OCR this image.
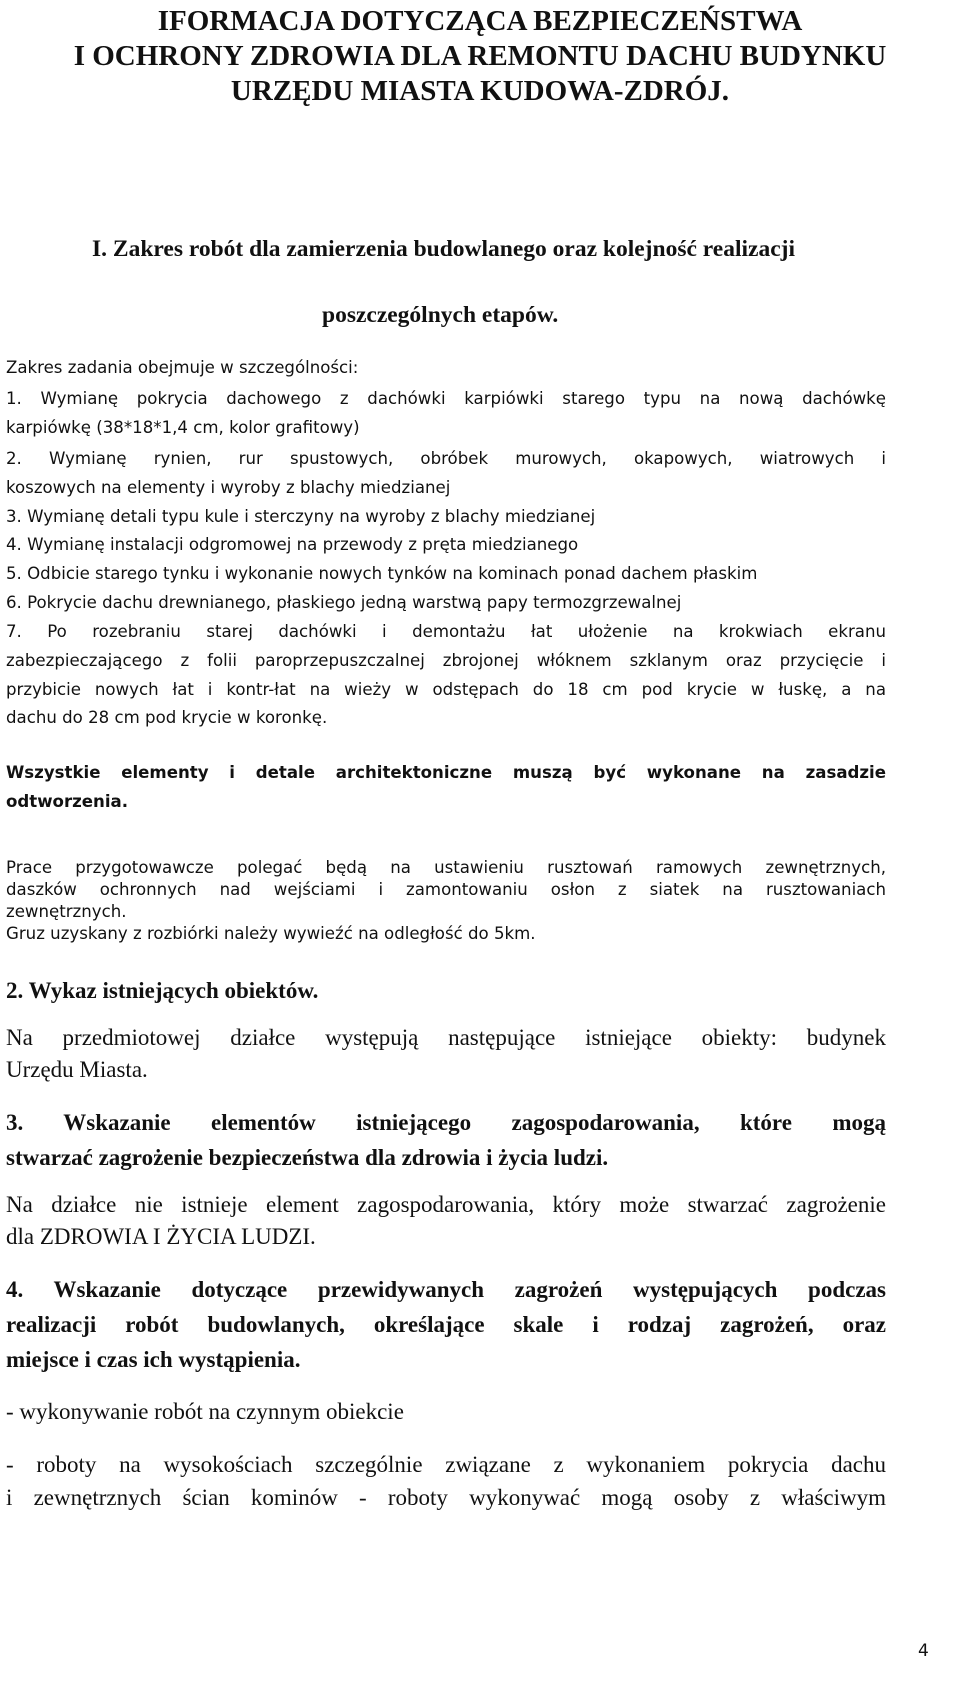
IFORMACJA DOTYCZĄCA BEZPIECZEŃSTWA
I OCHRONY ZDROWIA DLA REMONTU DACHU BUDYNKU
URZĘDU MIASTA KUDOWA-ZDRÓJ.
I. Zakres robót dla zamierzenia budowlanego oraz kolejność realizacji
poszczególnych etapów.
Zakres zadania obejmuje w szczególności:
1. Wymianę pokrycia dachowego z dachówki karpiówki starego typu na nową dachówkę
karpiówkę (38*18*1,4 cm, kolor grafitowy)
2. Wymianę rynien, rur spustowych, obróbek murowych, okapowych, wiatrowych i
koszowych na elementy i wyroby z blachy miedzianej
3. Wymianę detali typu kule i sterczyny na wyroby z blachy miedzianej
4. Wymianę instalacji odgromowej na przewody z pręta miedzianego
5. Odbicie starego tynku i wykonanie nowych tynków na kominach ponad dachem płaskim
6. Pokrycie dachu drewnianego, płaskiego jedną warstwą papy termozgrzewalnej
7. Po rozebraniu starej dachówki i demontażu łat ułożenie na krokwiach ekranu
zabezpieczającego z folii paroprzepuszczalnej zbrojonej włóknem szklanym oraz przycięcie i
przybicie nowych łat i kontr-łat na wieży w odstępach do 18 cm pod krycie w łuskę, a na
dachu do 28 cm pod krycie w koronkę.
Wszystkie elementy i detale architektoniczne muszą być wykonane na zasadzie
odtworzenia.
Prace przygotowawcze polegać będą na ustawieniu rusztowań ramowych zewnętrznych,
daszków ochronnych nad wejściami i zamontowaniu osłon z siatek na rusztowaniach
zewnętrznych.
Gruz uzyskany z rozbiórki należy wywieźć na odległość do 5km.
2. Wykaz istniejących obiektów.
Na przedmiotowej działce występują następujące istniejące obiekty: budynek
Urzędu Miasta.
3. Wskazanie elementów istniejącego zagospodarowania, które mogą
stwarzać zagrożenie bezpieczeństwa dla zdrowia i życia ludzi.
Na działce nie istnieje element zagospodarowania, który może stwarzać zagrożenie
dla ZDROWIA I ŻYCIA LUDZI.
4. Wskazanie dotyczące przewidywanych zagrożeń występujących podczas
realizacji robót budowlanych, określające skale i rodzaj zagrożeń, oraz
miejsce i czas ich wystąpienia.
- wykonywanie robót na czynnym obiekcie
- roboty na wysokościach szczególnie związane z wykonaniem pokrycia dachu
i zewnętrznych ścian kominów - roboty wykonywać mogą osoby z właściwym
4
